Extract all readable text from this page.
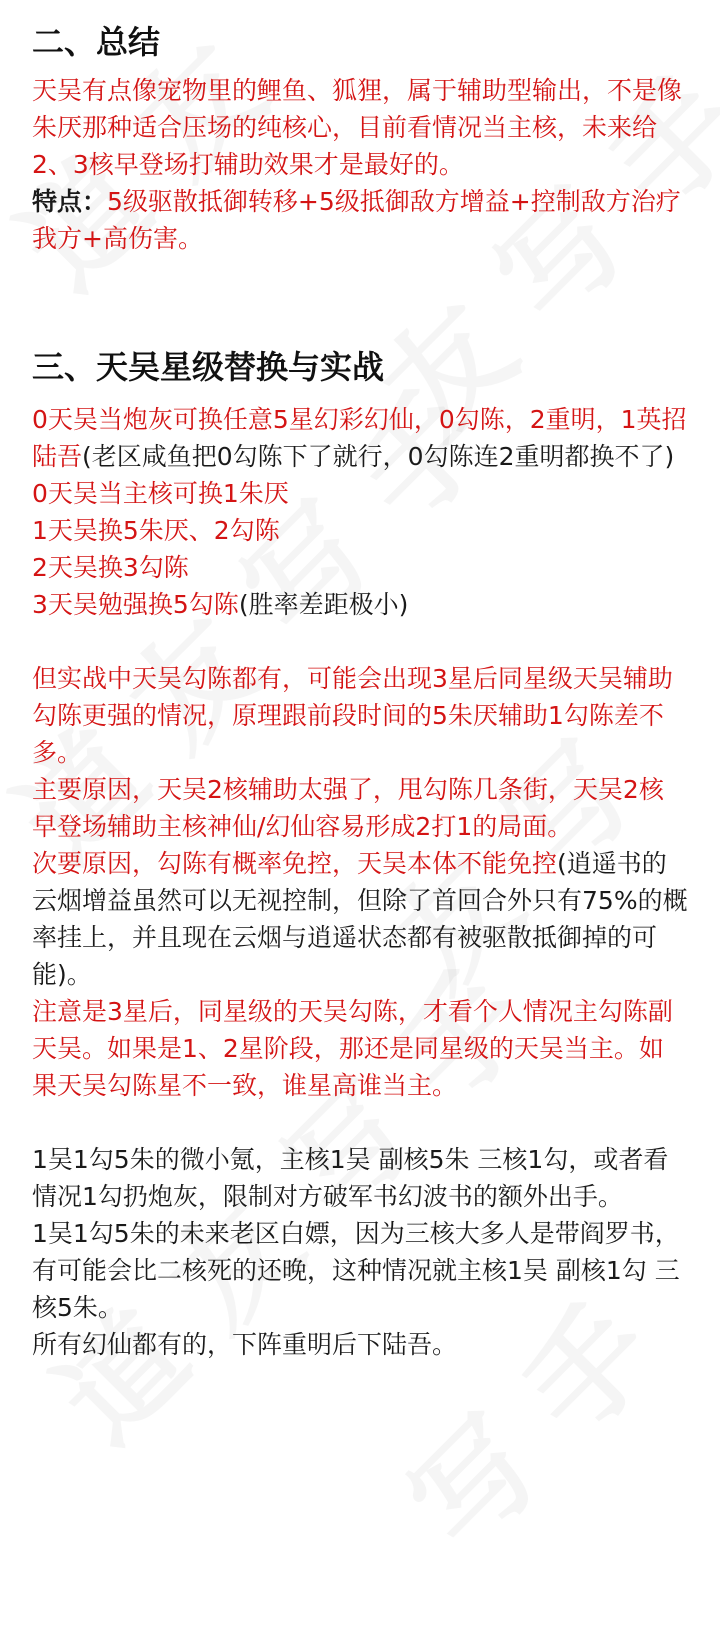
二、总结

天吴有点像宠物里的鲤鱼、狐狸，属于辅助型输出，不是像朱厌那种适合压场的纯核心，目前看情况当主核，未来给2、3核早登场打辅助效果才是最好的。

特点：5级驱散抵御转移+5级抵御敌方增益+控制敌方治疗我方+高伤害。

三、天吴星级替换与实战

0天吴当炮灰可换任意5星幻彩幻仙，0勾陈，2重明，1英招陆吾(老区咸鱼把0勾陈下了就行，0勾陈连2重明都换不了)

0天吴当主核可换1朱厌

1天吴换5朱厌、2勾陈

2天吴换3勾陈

3天吴勉强换5勾陈(胜率差距极小)

但实战中天吴勾陈都有，可能会出现3星后同星级天吴辅助勾陈更强的情况，原理跟前段时间的5朱厌辅助1勾陈差不多。

主要原因，天吴2核辅助太强了，甩勾陈几条街，天吴2核早登场辅助主核神仙/幻仙容易形成2打1的局面。

次要原因，勾陈有概率免控，天吴本体不能免控(逍遥书的云烟增益虽然可以无视控制，但除了首回合外只有75%的概率挂上，并且现在云烟与逍遥状态都有被驱散抵御掉的可能)。

注意是3星后，同星级的天吴勾陈，才看个人情况主勾陈副天吴。如果是1、2星阶段，那还是同星级的天吴当主。如果天吴勾陈星不一致，谁星高谁当主。

1吴1勾5朱的微小氪，主核1吴 副核5朱 三核1勾，或者看情况1勾扔炮灰，限制对方破军书幻波书的额外出手。

1吴1勾5朱的未来老区白嫖，因为三核大多人是带阎罗书，有可能会比二核死的还晚，这种情况就主核1吴 副核1勾 三核5朱。

所有幻仙都有的，下阵重明后下陆吾。
